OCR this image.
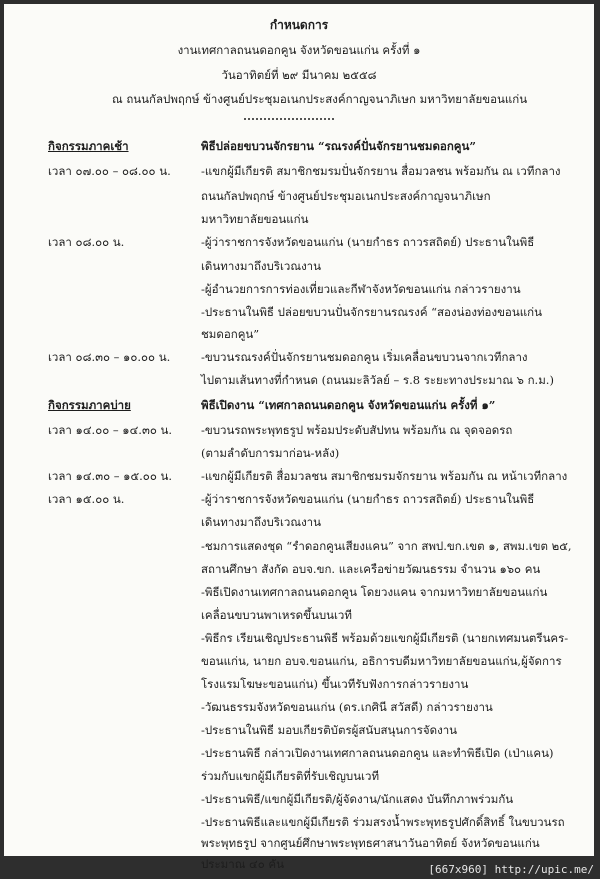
กำหนดการ
งานเทศกาลถนนดอกคูน จังหวัดขอนแก่น ครั้งที่ ๑
วันอาทิตย์ที่ ๒๙ มีนาคม ๒๕๕๘
ณ ถนนกัลปพฤกษ์ ข้างศูนย์ประชุมอเนกประสงค์กาญจนาภิเษก มหาวิทยาลัยขอนแก่น
กิจกรรมภาคเช้า	พิธีปล่อยขบวนจักรยาน “รณรงค์ปั่นจักรยานชมดอกคูน”
เวลา ๐๗.๐๐ – ๐๘.๐๐ น.	-แขกผู้มีเกียรติ สมาชิกชมรมปั่นจักรยาน สื่อมวลชน พร้อมกัน ณ เวทีกลาง
ถนนกัลปพฤกษ์ ข้างศูนย์ประชุมอเนกประสงค์กาญจนาภิเษก
มหาวิทยาลัยขอนแก่น
เวลา ๐๘.๐๐ น.	-ผู้ว่าราชการจังหวัดขอนแก่น (นายกำธร ถาวรสถิตย์) ประธานในพิธี
เดินทางมาถึงบริเวณงาน
-ผู้อำนวยการการท่องเที่ยวและกีฬาจังหวัดขอนแก่น กล่าวรายงาน
-ประธานในพิธี ปล่อยขบวนปั่นจักรยานรณรงค์ “สองน่องท่องขอนแก่น
ชมดอกคูน”
เวลา ๐๘.๓๐ – ๑๐.๐๐ น.	-ขบวนรณรงค์ปั่นจักรยานชมดอกคูน เริ่มเคลื่อนขบวนจากเวทีกลาง
ไปตามเส้นทางที่กำหนด (ถนนมะลิวัลย์ – ร.8 ระยะทางประมาณ ๖ ก.ม.)
กิจกรรมภาคบ่าย	พิธีเปิดงาน “เทศกาลถนนดอกคูน จังหวัดขอนแก่น ครั้งที่ ๑”
เวลา ๑๔.๐๐ – ๑๔.๓๐ น.	-ขบวนรถพระพุทธรูป พร้อมประดับสัปทน พร้อมกัน ณ จุดจอดรถ
(ตามลำดับการมาก่อน-หลัง)
เวลา ๑๔.๓๐ – ๑๕.๐๐ น.	-แขกผู้มีเกียรติ สื่อมวลชน สมาชิกชมรมจักรยาน พร้อมกัน ณ หน้าเวทีกลาง
เวลา ๑๕.๐๐ น.	-ผู้ว่าราชการจังหวัดขอนแก่น (นายกำธร ถาวรสถิตย์) ประธานในพิธี
เดินทางมาถึงบริเวณงาน
-ชมการแสดงชุด “รำดอกคูนเสียงแคน” จาก สพป.ขก.เขต ๑, สพม.เขต ๒๕,
สถานศึกษา สังกัด อบจ.ขก. และเครือข่ายวัฒนธรรม จำนวน ๑๖๐ คน
-พิธีเปิดงานเทศกาลถนนดอกคูน โดยวงแคน จากมหาวิทยาลัยขอนแก่น
เคลื่อนขบวนพาเหรดขึ้นบนเวที
-พิธีกร เรียนเชิญประธานพิธี พร้อมด้วยแขกผู้มีเกียรติ (นายกเทศมนตรีนคร-
ขอนแก่น, นายก อบจ.ขอนแก่น, อธิการบดีมหาวิทยาลัยขอนแก่น,ผู้จัดการ
โรงแรมโฆษะขอนแก่น) ขึ้นเวทีรับฟังการกล่าวรายงาน
-วัฒนธรรมจังหวัดขอนแก่น (ดร.เกศินี สวัสดี) กล่าวรายงาน
-ประธานในพิธี มอบเกียรติบัตรผู้สนับสนุนการจัดงาน
-ประธานพิธี กล่าวเปิดงานเทศกาลถนนดอกคูน และทำพิธีเปิด (เป่าแคน)
ร่วมกับแขกผู้มีเกียรติที่รับเชิญบนเวที
-ประธานพิธี/แขกผู้มีเกียรติ/ผู้จัดงาน/นักแสดง บันทึกภาพร่วมกัน
-ประธานพิธีและแขกผู้มีเกียรติ ร่วมสรงน้ำพระพุทธรูปศักดิ์สิทธิ์ ในขบวนรถ
พระพุทธรูป จากศูนย์ศึกษาพระพุทธศาสนาวันอาทิตย์ จังหวัดขอนแก่น
ประมาณ ๔๐ คัน	[667x960] http://upic.me/
